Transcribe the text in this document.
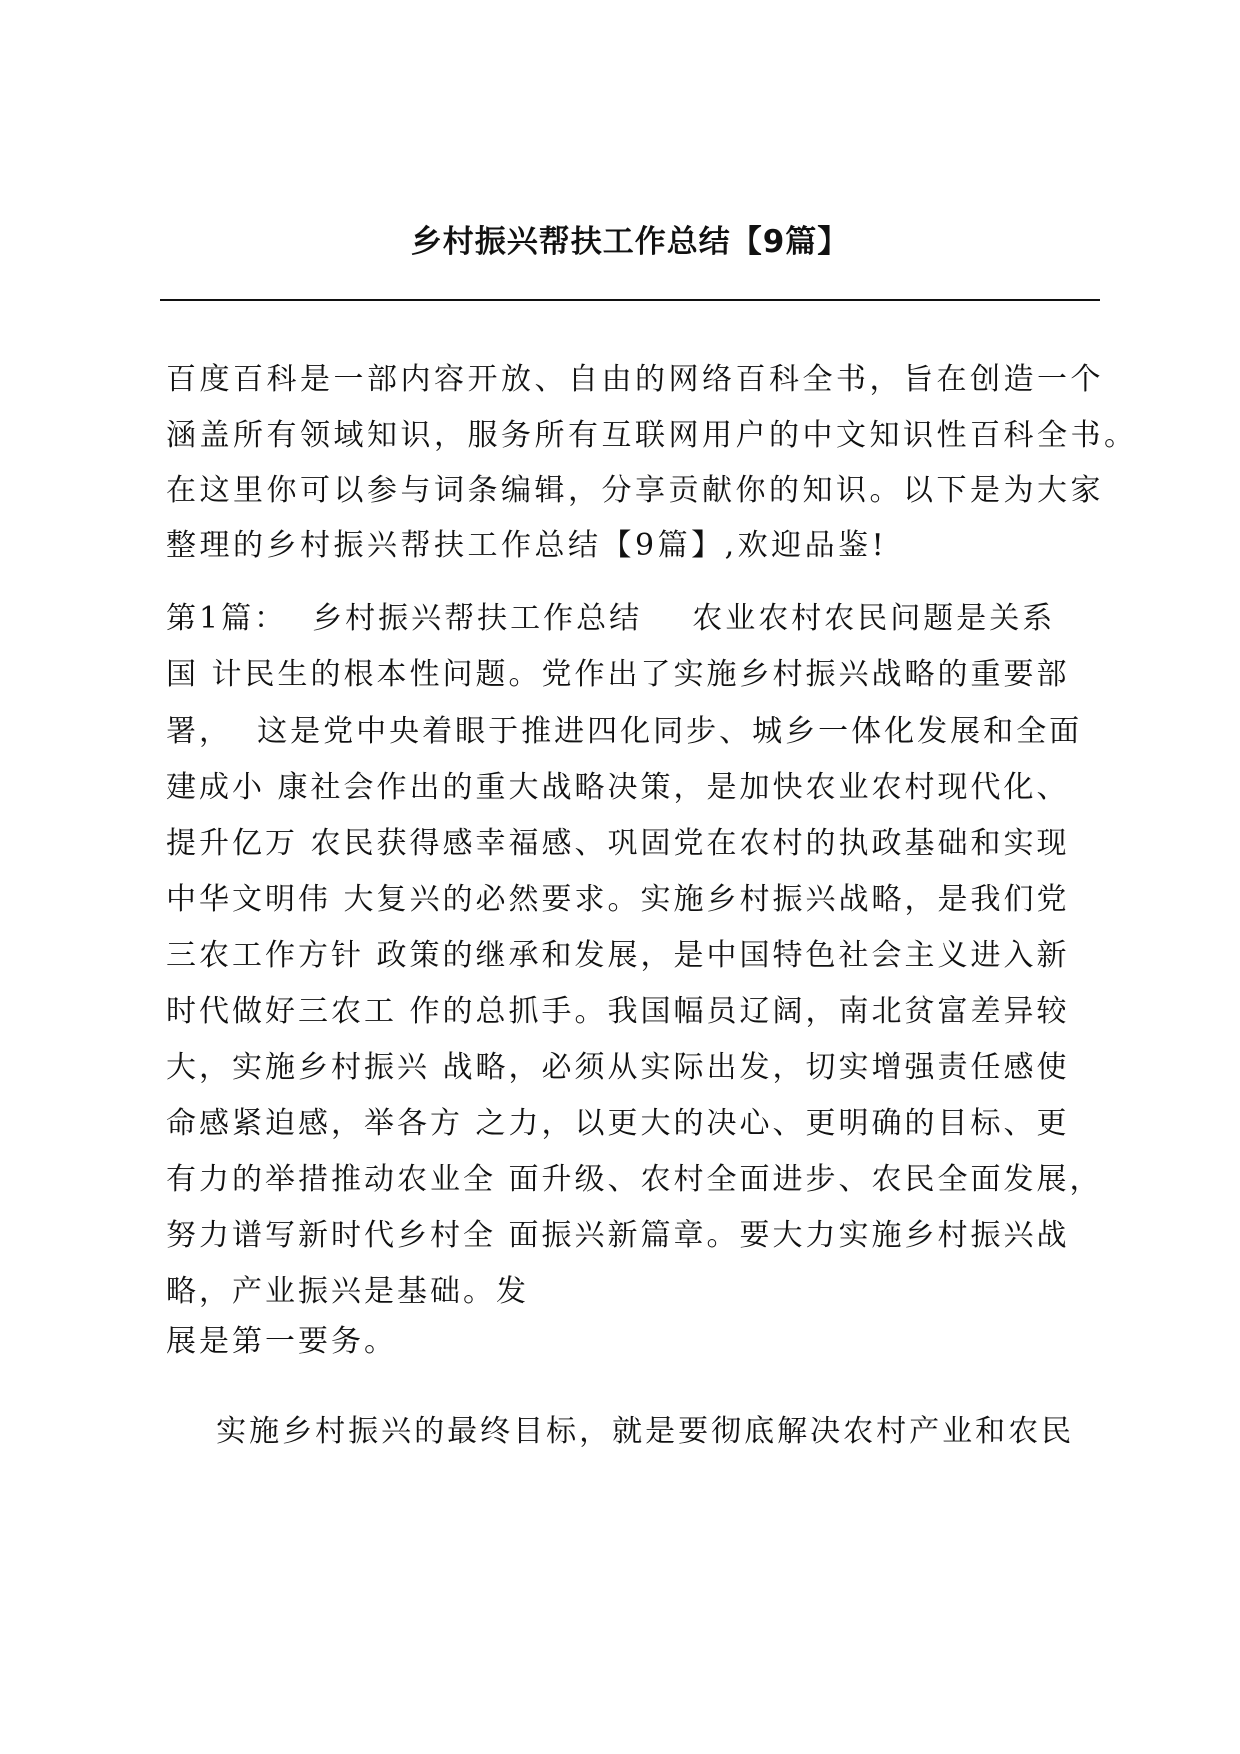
乡村振兴帮扶工作总结【9篇】
百度百科是一部内容开放、自由的网络百科全书，旨在创造一个
涵盖所有领域知识，服务所有互联网用户的中文知识性百科全书。
在这里你可以参与词条编辑，分享贡献你的知识。以下是为大家
整理的乡村振兴帮扶工作总结【9篇】,欢迎品鉴!
第1篇：  乡村振兴帮扶工作总结    农业农村农民问题是关系
国 计民生的根本性问题。党作出了实施乡村振兴战略的重要部
署，  这是党中央着眼于推进四化同步、城乡一体化发展和全面
建成小 康社会作出的重大战略决策，是加快农业农村现代化、
提升亿万 农民获得感幸福感、巩固党在农村的执政基础和实现
中华文明伟 大复兴的必然要求。实施乡村振兴战略，是我们党
三农工作方针 政策的继承和发展，是中国特色社会主义进入新
时代做好三农工 作的总抓手。我国幅员辽阔，南北贫富差异较
大，实施乡村振兴 战略，必须从实际出发，切实增强责任感使
命感紧迫感，举各方 之力，以更大的决心、更明确的目标、更
有力的举措推动农业全 面升级、农村全面进步、农民全面发展，
努力谱写新时代乡村全 面振兴新篇章。要大力实施乡村振兴战
略，产业振兴是基础。发
展是第一要务。
实施乡村振兴的最终目标，就是要彻底解决农村产业和农民
